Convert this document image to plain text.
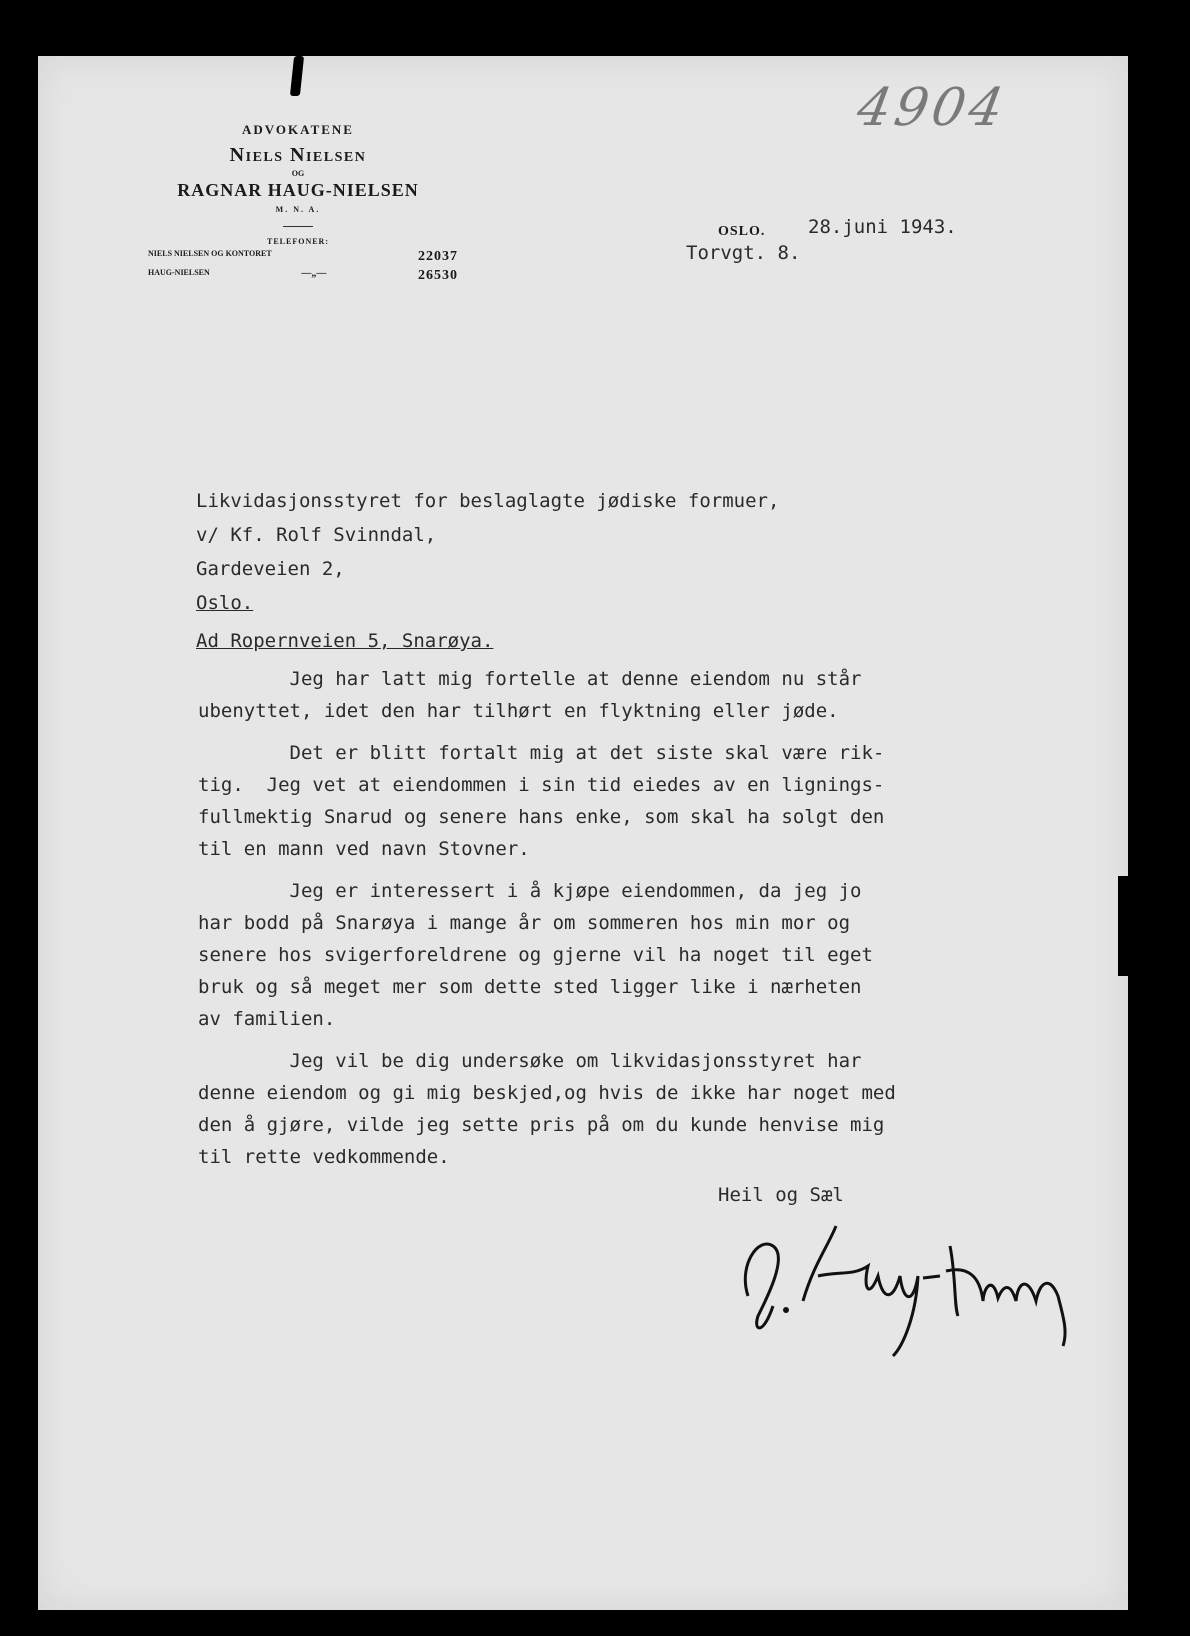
4904
ADVOKATENE
Niels Nielsen
OG
RAGNAR HAUG-NIELSEN
M. N. A.
TELEFONER:
NIELS NIELSEN OG KONTORET	22037
HAUG-NIELSEN	—„—	26530
OSLO. 28.juni 1943.
Torvgt. 8.
Likvidasjonsstyret for beslaglagte jødiske formuer,
v/ Kf. Rolf Svinndal,
Gardeveien 2,
Oslo.
Ad Ropernveien 5, Snarøya.
Jeg har latt mig fortelle at denne eiendom nu står
ubenyttet, idet den har tilhørt en flyktning eller jøde.
Det er blitt fortalt mig at det siste skal være rik-
tig.  Jeg vet at eiendommen i sin tid eiedes av en lignings-
fullmektig Snarud og senere hans enke, som skal ha solgt den
til en mann ved navn Stovner.
Jeg er interessert i å kjøpe eiendommen, da jeg jo
har bodd på Snarøya i mange år om sommeren hos min mor og
senere hos svigerforeldrene og gjerne vil ha noget til eget
bruk og så meget mer som dette sted ligger like i nærheten
av familien.
Jeg vil be dig undersøke om likvidasjonsstyret har
denne eiendom og gi mig beskjed,og hvis de ikke har noget med
den å gjøre, vilde jeg sette pris på om du kunde henvise mig
til rette vedkommende.
Heil og Sæl
